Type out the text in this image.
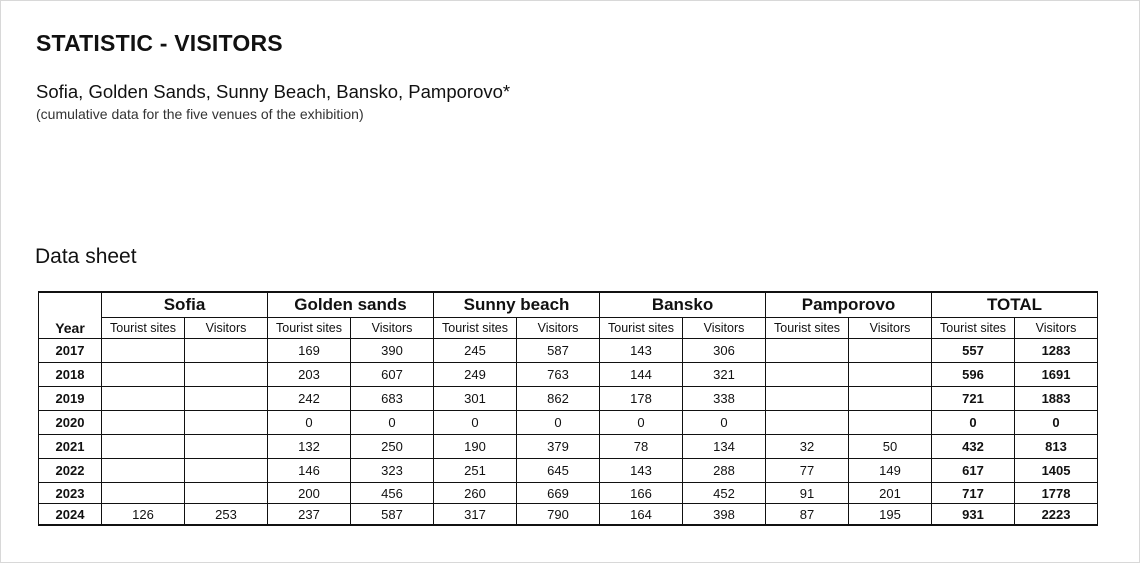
STATISTIC - VISITORS

Sofia, Golden Sands, Sunny Beach, Bansko, Pamporovo*

(cumulative data for the five venues of the exhibition)

Data sheet
	Sofia		Golden sands		Sunny beach		Bansko		Pamporovo		TOTAL	
Year	Tourist sites	Visitors	Tourist sites	Visitors	Tourist sites	Visitors	Tourist sites	Visitors	Tourist sites	Visitors	Tourist sites	Visitors
2017			169	390	245	587	143	306			557	1283
2018			203	607	249	763	144	321			596	1691
2019			242	683	301	862	178	338			721	1883
2020			0	0	0	0	0	0			0	0
2021			132	250	190	379	78	134	32	50	432	813
2022			146	323	251	645	143	288	77	149	617	1405
2023			200	456	260	669	166	452	91	201	717	1778
2024	126	253	237	587	317	790	164	398	87	195	931	2223
